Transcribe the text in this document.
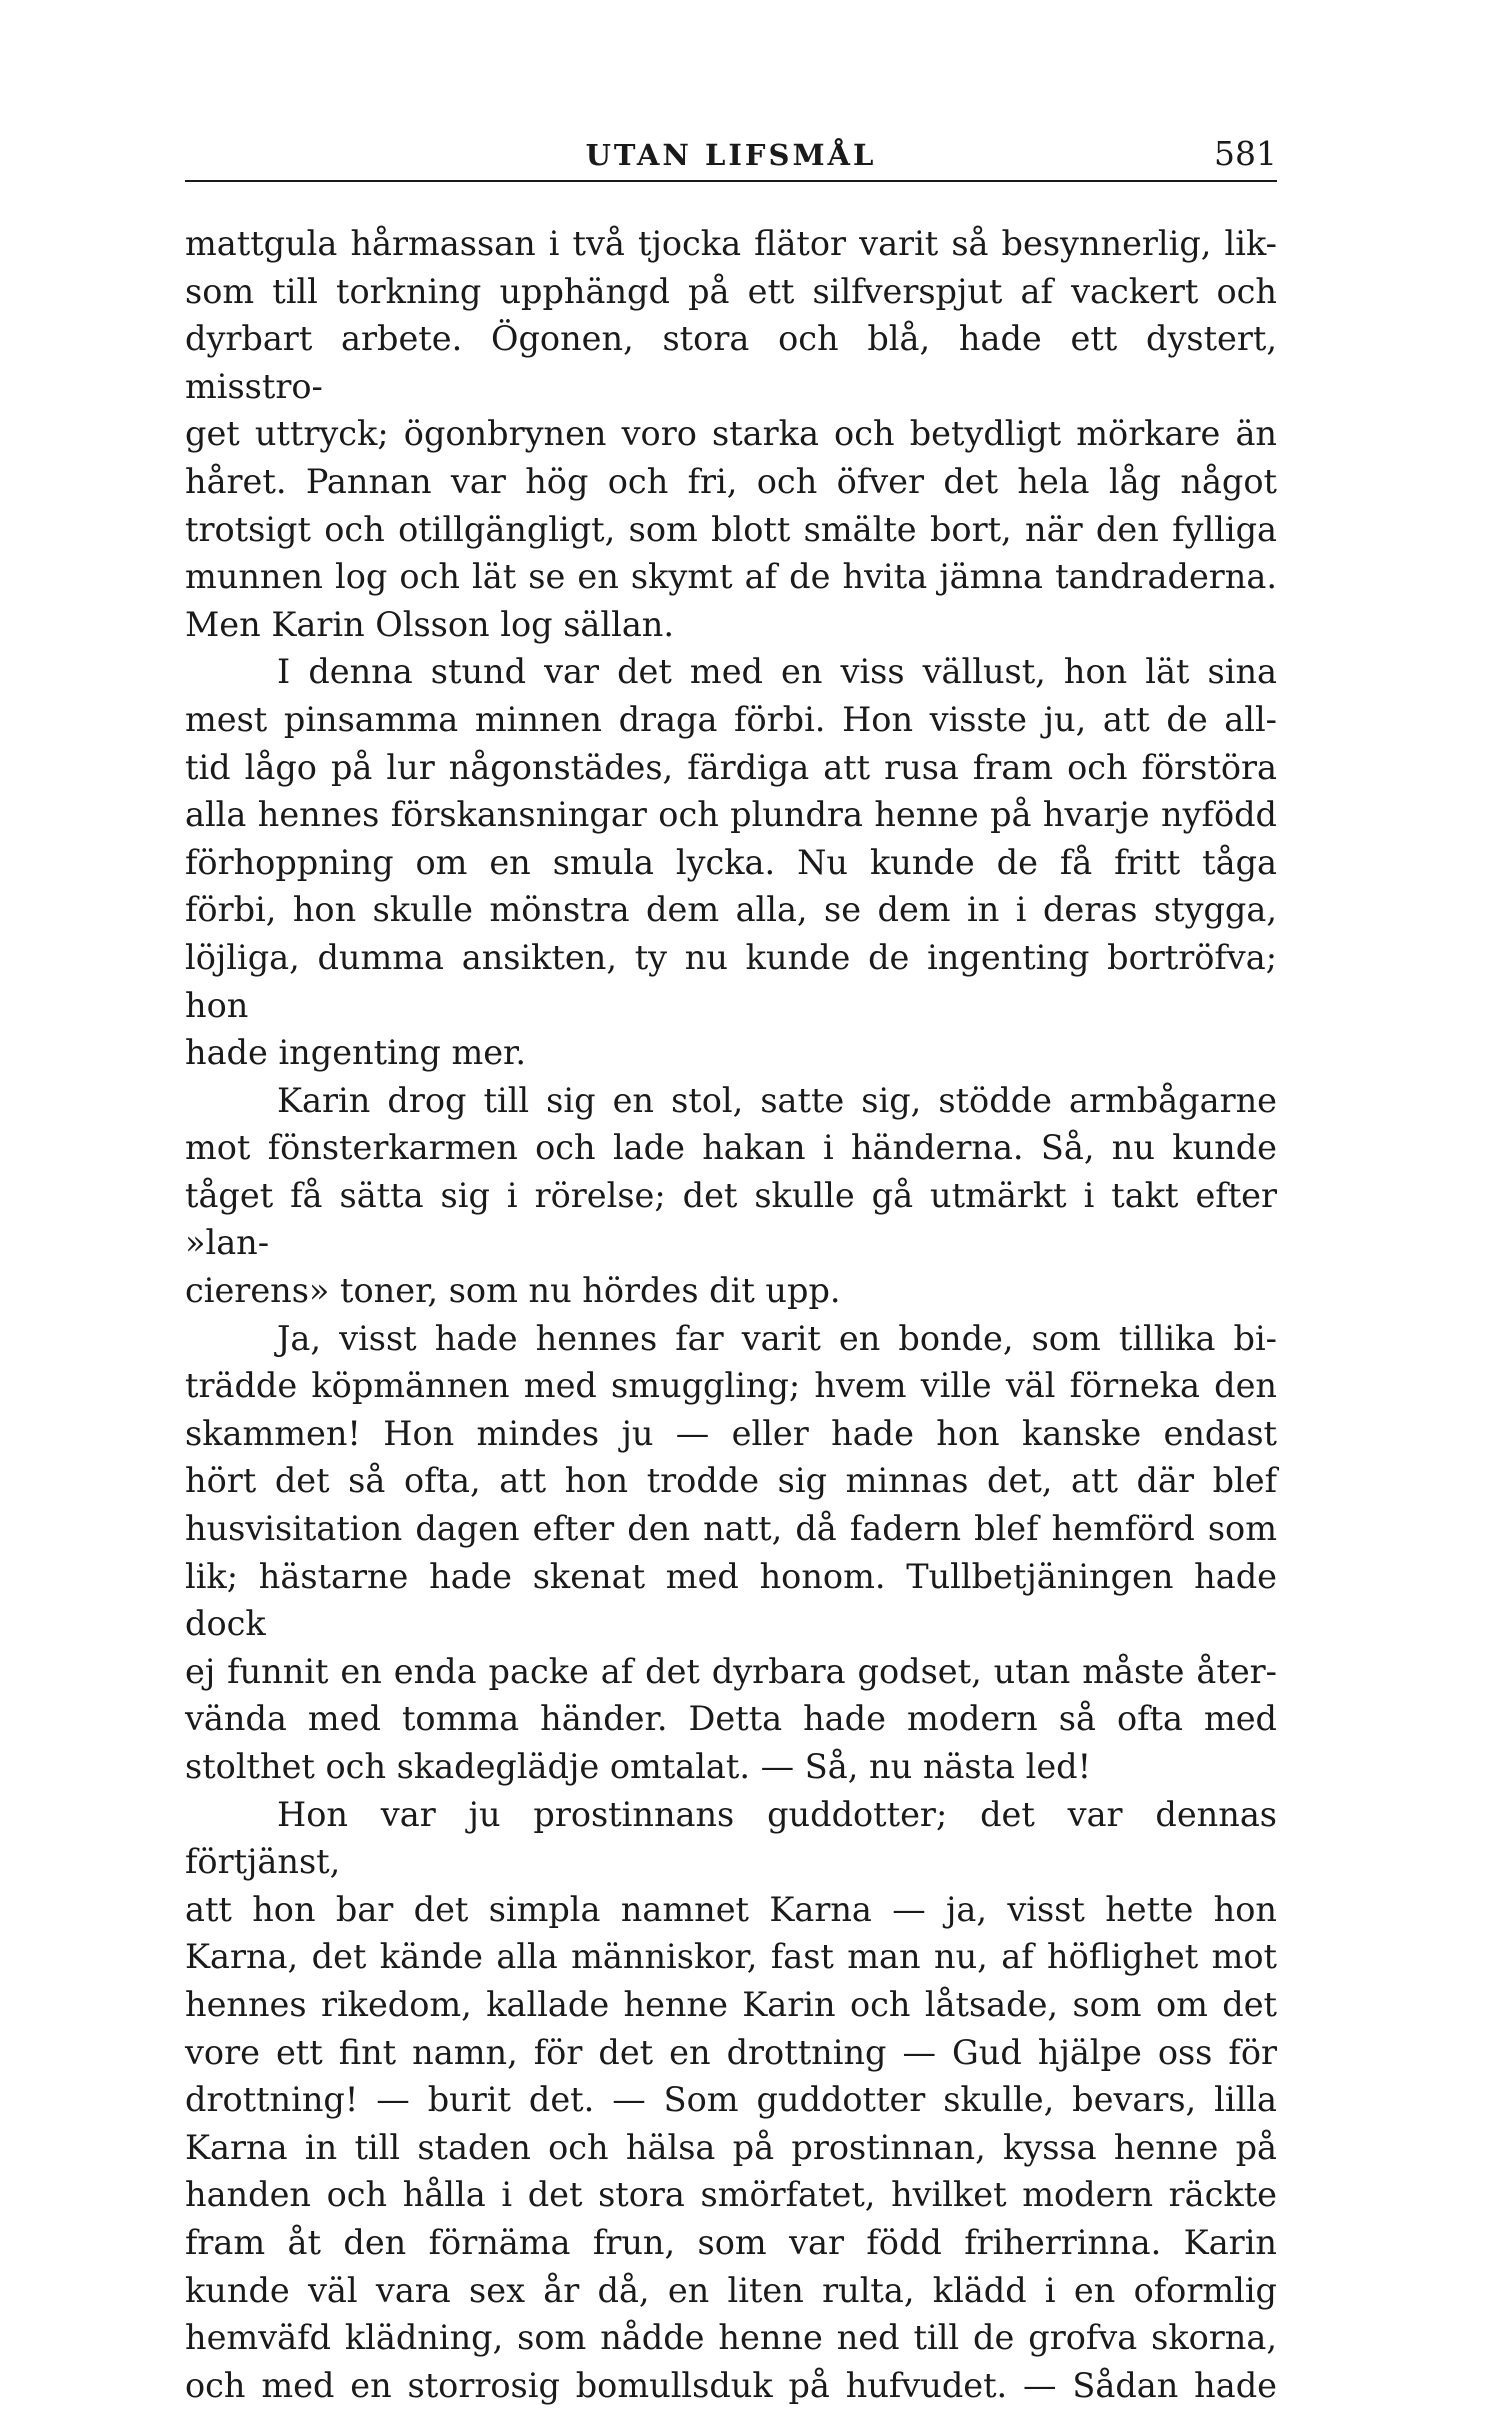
UTAN LIFSMÅL	581

mattgula hårmassan i två tjocka flätor varit så besynnerlig, lik-

som till torkning upphängd på ett silfverspjut af vackert och

dyrbart arbete. Ögonen, stora och blå, hade ett dystert, misstro-

get uttryck; ögonbrynen voro starka och betydligt mörkare än

håret. Pannan var hög och fri, och öfver det hela låg något

trotsigt och otillgängligt, som blott smälte bort, när den fylliga

munnen log och lät se en skymt af de hvita jämna tandraderna.

Men Karin Olsson log sällan.

I denna stund var det med en viss vällust, hon lät sina

mest pinsamma minnen draga förbi. Hon visste ju, att de all-

tid lågo på lur någonstädes, färdiga att rusa fram och förstöra

alla hennes förskansningar och plundra henne på hvarje nyfödd

förhoppning om en smula lycka. Nu kunde de få fritt tåga

förbi, hon skulle mönstra dem alla, se dem in i deras stygga,

löjliga, dumma ansikten, ty nu kunde de ingenting bortröfva; hon

hade ingenting mer.

Karin drog till sig en stol, satte sig, stödde armbågarne

mot fönsterkarmen och lade hakan i händerna. Så, nu kunde

tåget få sätta sig i rörelse; det skulle gå utmärkt i takt efter »lan-

cierens» toner, som nu hördes dit upp.

Ja, visst hade hennes far varit en bonde, som tillika bi-

trädde köpmännen med smuggling; hvem ville väl förneka den

skammen! Hon mindes ju — eller hade hon kanske endast

hört det så ofta, att hon trodde sig minnas det, att där blef

husvisitation dagen efter den natt, då fadern blef hemförd som

lik; hästarne hade skenat med honom. Tullbetjäningen hade dock

ej funnit en enda packe af det dyrbara godset, utan måste åter-

vända med tomma händer. Detta hade modern så ofta med

stolthet och skadeglädje omtalat. — Så, nu nästa led!

Hon var ju prostinnans guddotter; det var dennas förtjänst,

att hon bar det simpla namnet Karna — ja, visst hette hon

Karna, det kände alla människor, fast man nu, af höflighet mot

hennes rikedom, kallade henne Karin och låtsade, som om det

vore ett fint namn, för det en drottning — Gud hjälpe oss för

drottning! — burit det. — Som guddotter skulle, bevars, lilla

Karna in till staden och hälsa på prostinnan, kyssa henne på

handen och hålla i det stora smörfatet, hvilket modern räckte

fram åt den förnäma frun, som var född friherrinna. Karin

kunde väl vara sex år då, en liten rulta, klädd i en oformlig

hemväfd klädning, som nådde henne ned till de grofva skorna,

och med en storrosig bomullsduk på hufvudet. — Sådan hade
